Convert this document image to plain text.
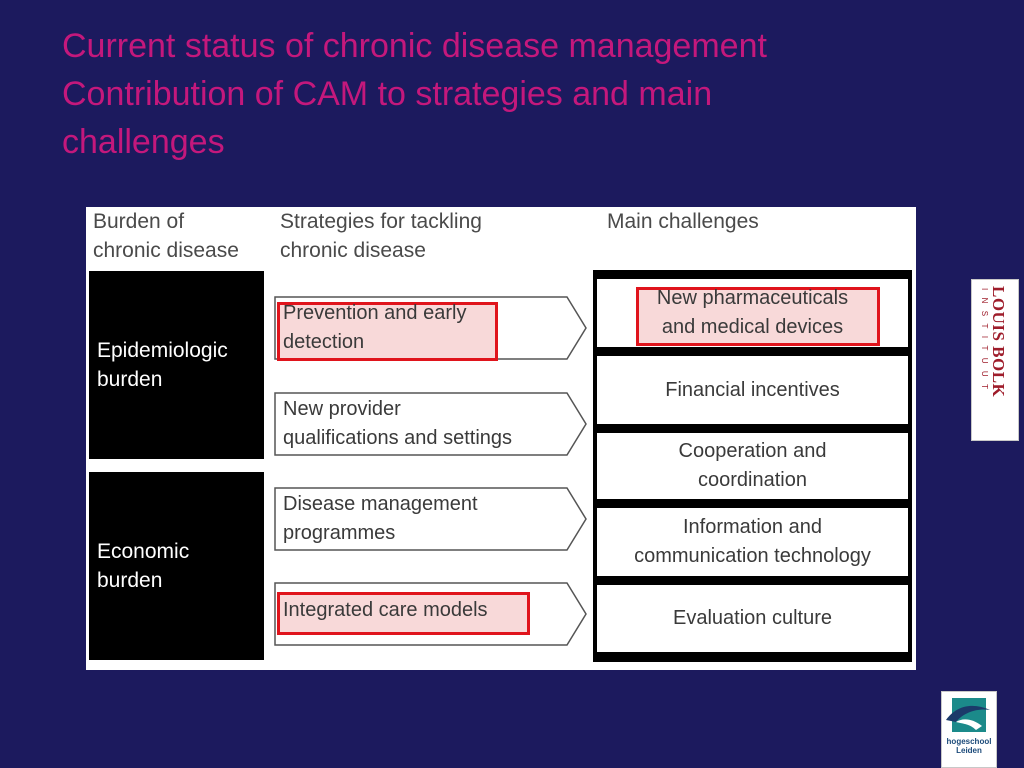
Current status of chronic disease management
Contribution of CAM to strategies and main
challenges
Burden of
chronic disease
Strategies for tackling
chronic disease
Main challenges
Epidemiologic
burden
Economic
burden
Prevention and early
detection
New provider
qualifications and settings
Disease management
programmes
Integrated care models
New pharmaceuticals
and medical devices
Financial incentives
Cooperation and
coordination
Information and
communication technology
Evaluation culture
LOUIS BOLK
INSTITUUT
hogeschool
Leiden
